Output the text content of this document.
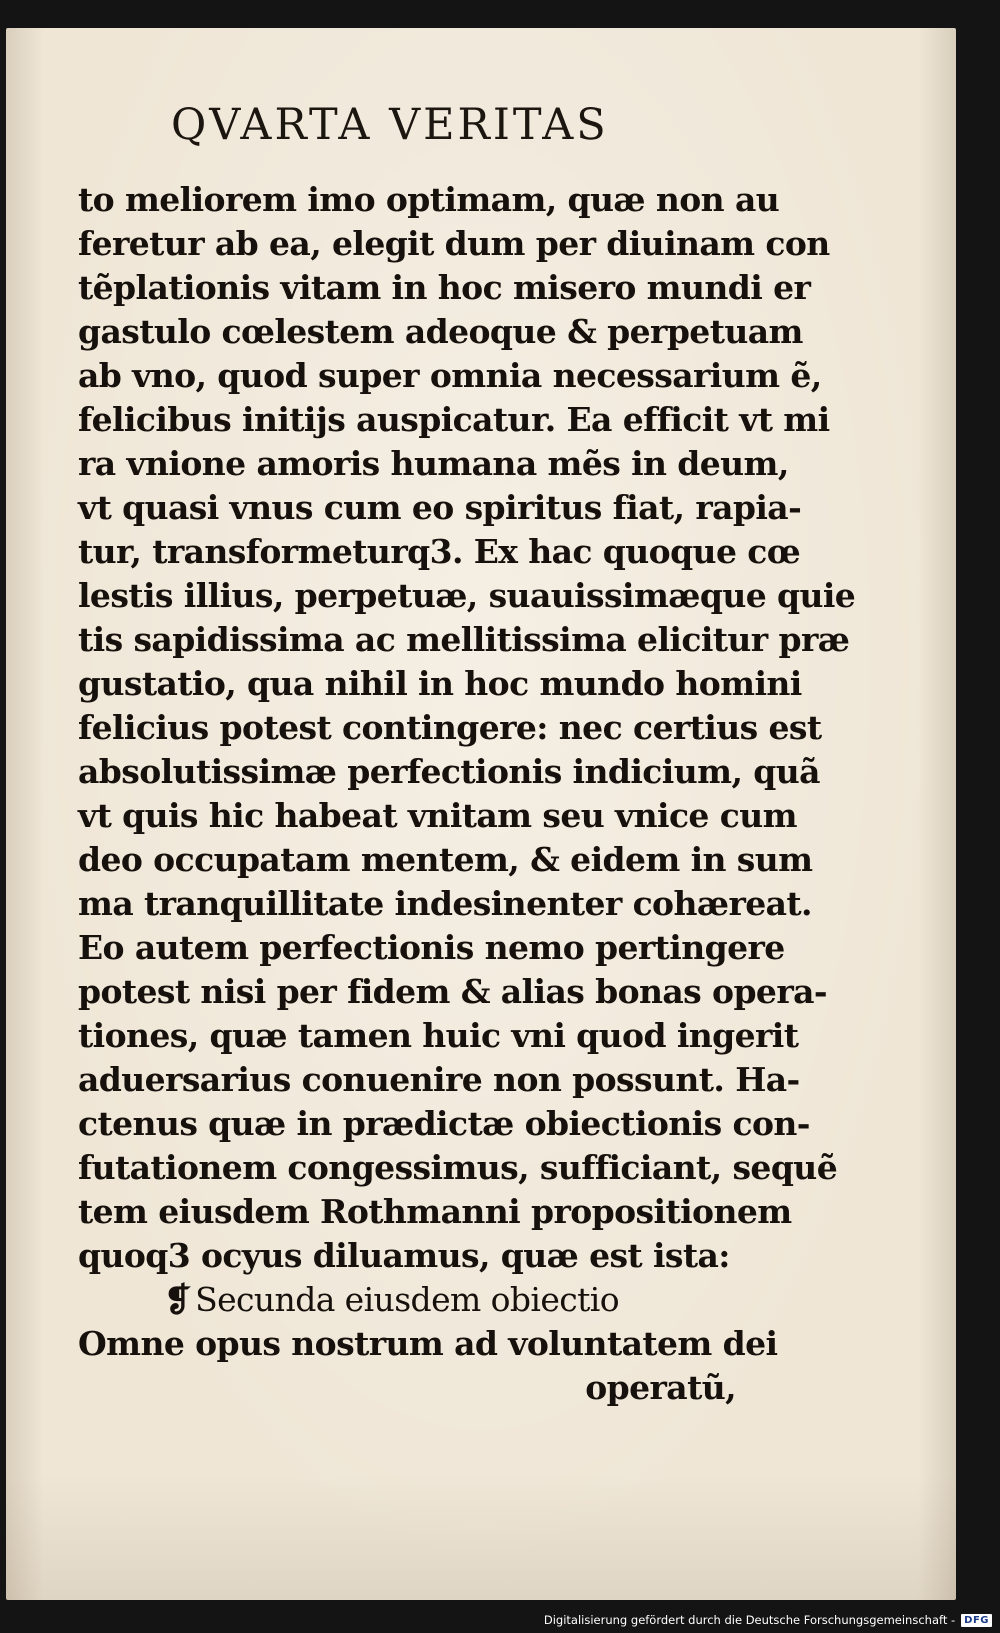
QVARTA VERITAS
to meliorem imo optimam, quæ non au
feretur ab ea, elegit dum per diuinam con
tẽplationis vitam in hoc misero mundi er
gastulo cœlestem adeoque & perpetuam
ab vno, quod super omnia necessarium ẽ,
felicibus initijs auspicatur. Ea efficit vt mi
ra vnione amoris humana mẽs in deum,
vt quasi vnus cum eo spiritus fiat, rapia-
tur, transformeturq3. Ex hac quoque cœ
lestis illius, perpetuæ, suauissimæque quie
tis sapidissima ac mellitissima elicitur præ
gustatio, qua nihil in hoc mundo homini
felicius potest contingere: nec certius est
absolutissimæ perfectionis indicium, quã
vt quis hic habeat vnitam seu vnice cum
deo occupatam mentem, & eidem in sum
ma tranquillitate indesinenter cohæreat.
Eo autem perfectionis nemo pertingere
potest nisi per fidem & alias bonas opera-
tiones, quæ tamen huic vni quod ingerit
aduersarius conuenire non possunt. Ha-
ctenus quæ in prædictæ obiectionis con-
futationem congessimus, sufficiant, sequẽ
tem eiusdem Rothmanni propositionem
quoq3 ocyus diluamus, quæ est ista:
❡ Secunda eiusdem obiectio
Omne opus nostrum ad voluntatem dei
operatũ,
Digitalisierung gefördert durch die Deutsche Forschungsgemeinschaft - DFG
